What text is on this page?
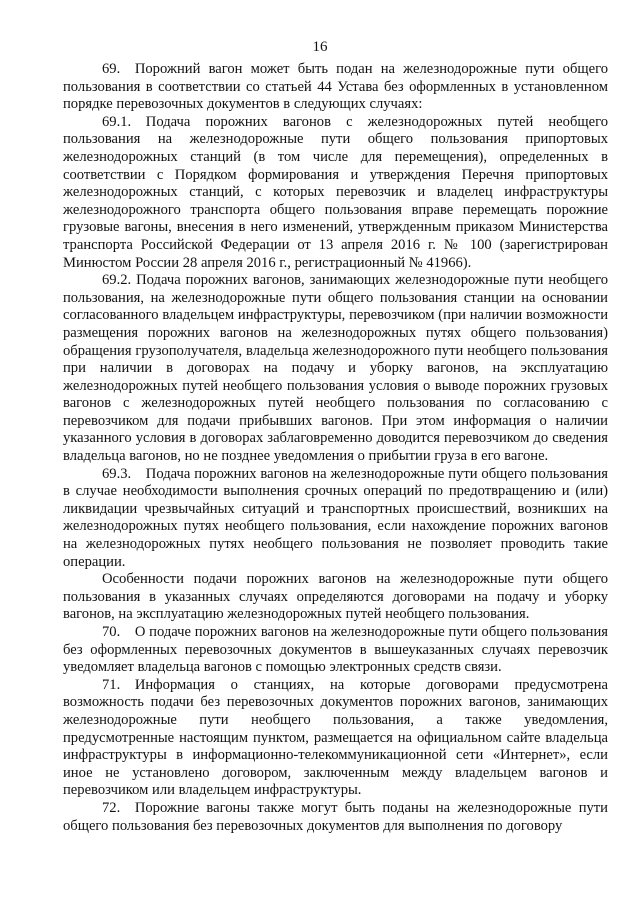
16

69. Порожний вагон может быть подан на железнодорожные пути общего пользования в соответствии со статьей 44 Устава без оформленных в установленном порядке перевозочных документов в следующих случаях:

69.1. Подача порожних вагонов с железнодорожных путей необщего пользования на железнодорожные пути общего пользования припортовых железнодорожных станций (в том числе для перемещения), определенных в соответствии с Порядком формирования и утверждения Перечня припортовых железнодорожных станций, с которых перевозчик и владелец инфраструктуры железнодорожного транспорта общего пользования вправе перемещать порожние грузовые вагоны, внесения в него изменений, утвержденным приказом Министерства транспорта Российской Федерации от 13 апреля 2016 г. № 100 (зарегистрирован Минюстом России 28 апреля 2016 г., регистрационный № 41966).

69.2. Подача порожних вагонов, занимающих железнодорожные пути необщего пользования, на железнодорожные пути общего пользования станции на основании согласованного владельцем инфраструктуры, перевозчиком (при наличии возможности размещения порожних вагонов на железнодорожных путях общего пользования) обращения грузополучателя, владельца железнодорожного пути необщего пользования при наличии в договорах на подачу и уборку вагонов, на эксплуатацию железнодорожных путей необщего пользования условия о выводе порожних грузовых вагонов с железнодорожных путей необщего пользования по согласованию с перевозчиком для подачи прибывших вагонов. При этом информация о наличии указанного условия в договорах заблаговременно доводится перевозчиком до сведения владельца вагонов, но не позднее уведомления о прибытии груза в его вагоне.

69.3. Подача порожних вагонов на железнодорожные пути общего пользования в случае необходимости выполнения срочных операций по предотвращению и (или) ликвидации чрезвычайных ситуаций и транспортных происшествий, возникших на железнодорожных путях необщего пользования, если нахождение порожних вагонов на железнодорожных путях необщего пользования не позволяет проводить такие операции.

Особенности подачи порожних вагонов на железнодорожные пути общего пользования в указанных случаях определяются договорами на подачу и уборку вагонов, на эксплуатацию железнодорожных путей необщего пользования.

70. О подаче порожних вагонов на железнодорожные пути общего пользования без оформленных перевозочных документов в вышеуказанных случаях перевозчик уведомляет владельца вагонов с помощью электронных средств связи.

71. Информация о станциях, на которые договорами предусмотрена возможность подачи без перевозочных документов порожних вагонов, занимающих железнодорожные пути необщего пользования, а также уведомления, предусмотренные настоящим пунктом, размещается на официальном сайте владельца инфраструктуры в информационно-телекоммуникационной сети «Интернет», если иное не установлено договором, заключенным между владельцем вагонов и перевозчиком или владельцем инфраструктуры.

72. Порожние вагоны также могут быть поданы на железнодорожные пути общего пользования без перевозочных документов для выполнения по договору
